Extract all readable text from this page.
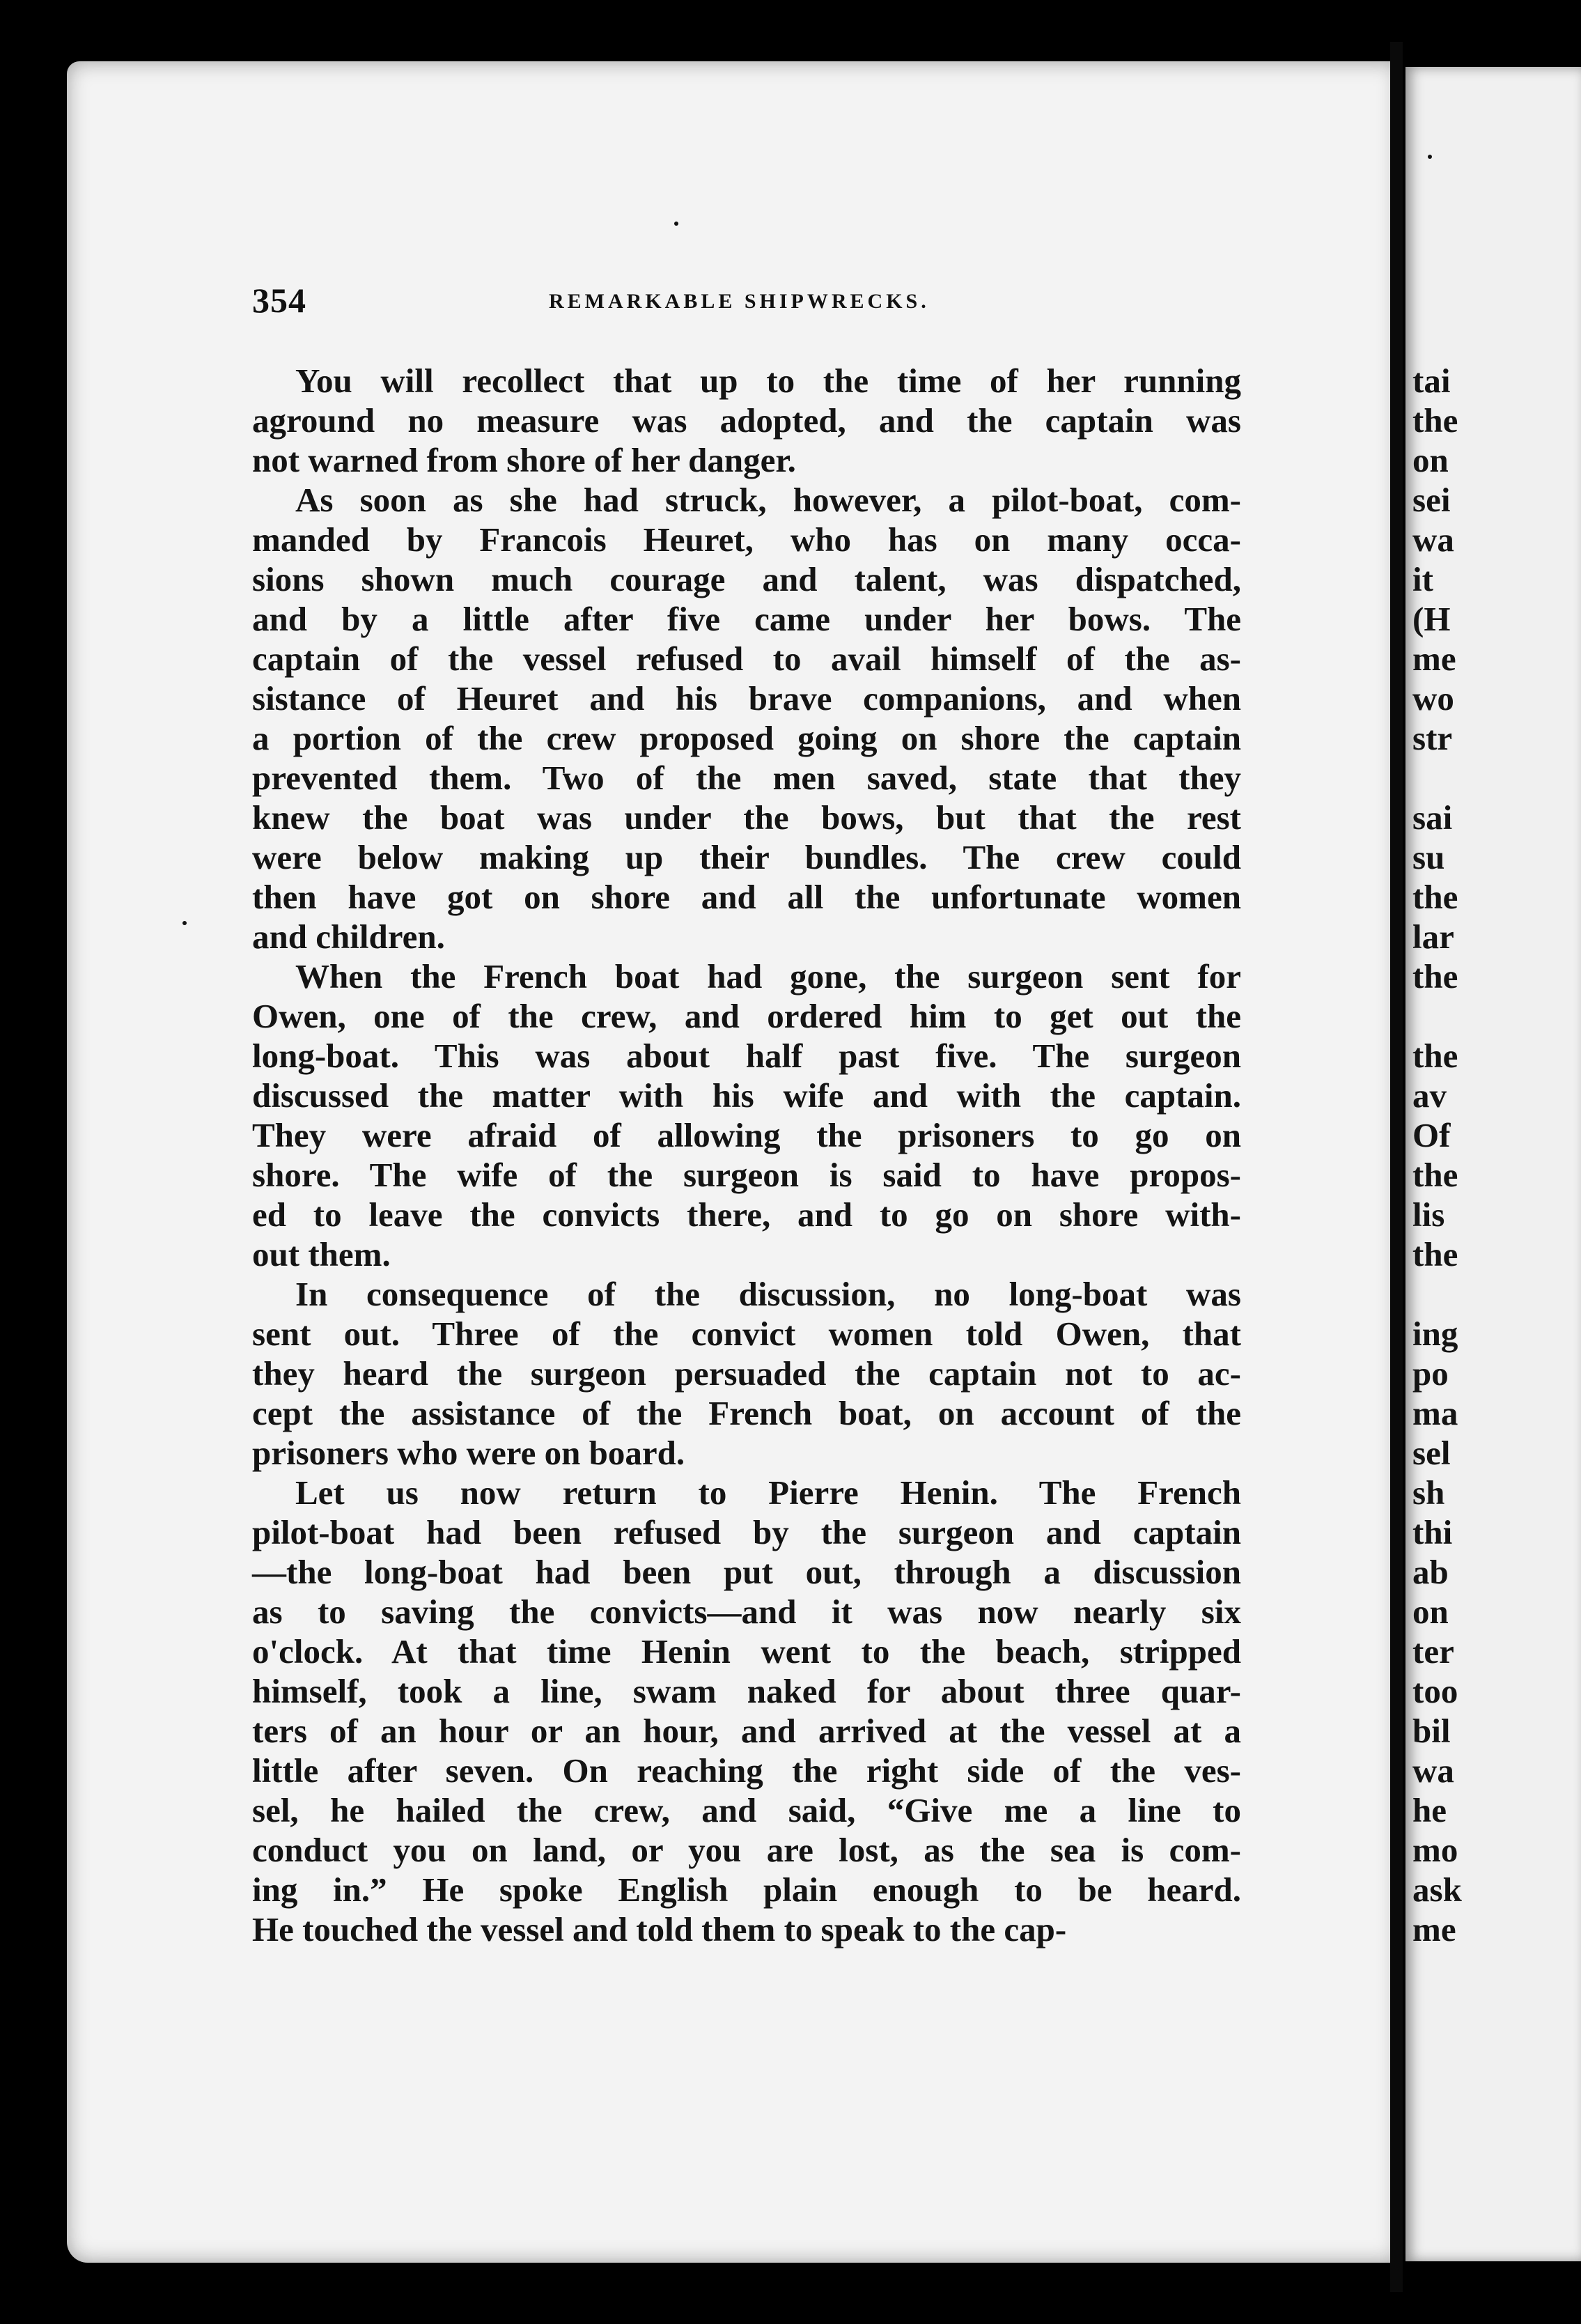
354	REMARKABLE SHIPWRECKS.
You will recollect that up to the time of her running
aground no measure was adopted, and the captain was
not warned from shore of her danger.
As soon as she had struck, however, a pilot-boat, com-
manded by Francois Heuret, who has on many occa-
sions shown much courage and talent, was dispatched,
and by a little after five came under her bows. The
captain of the vessel refused to avail himself of the as-
sistance of Heuret and his brave companions, and when
a portion of the crew proposed going on shore the captain
prevented them. Two of the men saved, state that they
knew the boat was under the bows, but that the rest
were below making up their bundles. The crew could
then have got on shore and all the unfortunate women
and children.
When the French boat had gone, the surgeon sent for
Owen, one of the crew, and ordered him to get out the
long-boat. This was about half past five. The surgeon
discussed the matter with his wife and with the captain.
They were afraid of allowing the prisoners to go on
shore. The wife of the surgeon is said to have propos-
ed to leave the convicts there, and to go on shore with-
out them.
In consequence of the discussion, no long-boat was
sent out. Three of the convict women told Owen, that
they heard the surgeon persuaded the captain not to ac-
cept the assistance of the French boat, on account of the
prisoners who were on board.
Let us now return to Pierre Henin. The French
pilot-boat had been refused by the surgeon and captain
—the long-boat had been put out, through a discussion
as to saving the convicts—and it was now nearly six
o'clock. At that time Henin went to the beach, stripped
himself, took a line, swam naked for about three quar-
ters of an hour or an hour, and arrived at the vessel at a
little after seven. On reaching the right side of the ves-
sel, he hailed the crew, and said, “Give me a line to
conduct you on land, or you are lost, as the sea is com-
ing in.” He spoke English plain enough to be heard.
He touched the vessel and told them to speak to the cap-
tai
the
on
sei
wa
it
(H
me
wo
str
sai
su
the
lar
the
the
av
Of
the
lis
the
ing
po
ma
sel
sh
thi
ab
on
ter
too
bil
wa
he
mo
ask
me
